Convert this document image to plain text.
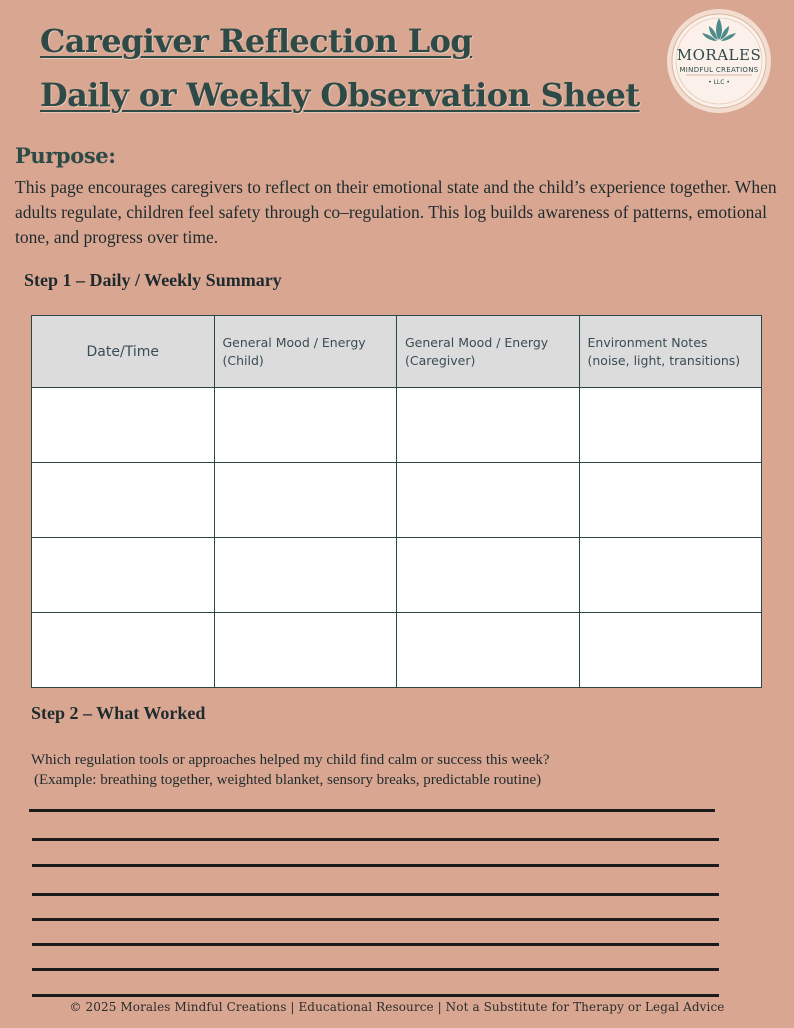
Caregiver Reflection Log
Daily or Weekly Observation Sheet
MORALES
MINDFUL CREATIONS
• LLC •
Purpose:

This page encourages caregivers to reflect on their emotional state and the child’s experience together. When adults regulate, children feel safety through co–regulation. This log builds awareness of patterns, emotional tone, and progress over time.

Step 1 – Daily / Weekly Summary
Date/Time	General Mood / Energy (Child)	General Mood / Energy (Caregiver)	Environment Notes (noise, light, transitions)

Step 2 – What Worked

Which regulation tools or approaches helped my child find calm or success this week?

(Example: breathing together, weighted blanket, sensory breaks, predictable routine)

© 2025 Morales Mindful Creations | Educational Resource | Not a Substitute for Therapy or Legal Advice
